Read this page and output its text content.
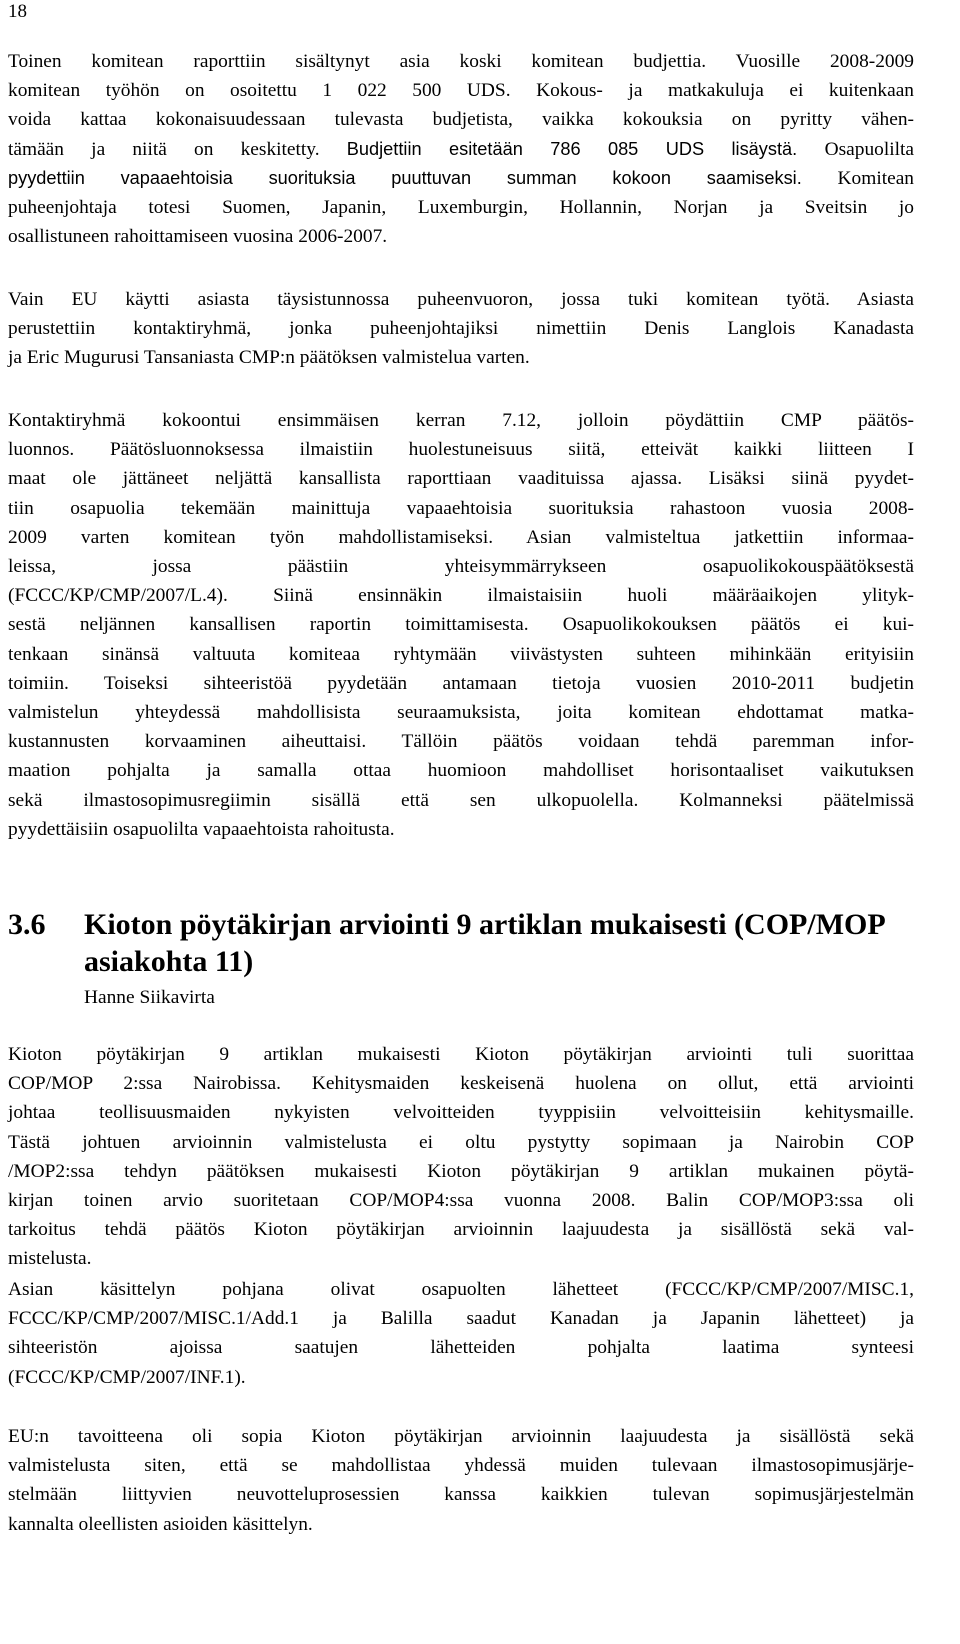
18
Toinen komitean raporttiin sisältynyt asia koski komitean budjettia. Vuosille 2008-2009
komitean työhön on osoitettu 1 022 500 UDS. Kokous- ja matkakuluja ei kuitenkaan
voida kattaa kokonaisuudessaan tulevasta budjetista, vaikka kokouksia on pyritty vähen-
tämään ja niitä on keskitetty. Budjettiin esitetään 786 085 UDS lisäystä. Osapuolilta
pyydettiin vapaaehtoisia suorituksia puuttuvan summan kokoon saamiseksi. Komitean
puheenjohtaja totesi Suomen, Japanin, Luxemburgin, Hollannin, Norjan ja Sveitsin jo
osallistuneen rahoittamiseen vuosina 2006-2007.
Vain EU käytti asiasta täysistunnossa puheenvuoron, jossa tuki komitean työtä. Asiasta
perustettiin kontaktiryhmä, jonka puheenjohtajiksi nimettiin Denis Langlois Kanadasta
ja Eric Mugurusi Tansaniasta CMP:n päätöksen valmistelua varten.
Kontaktiryhmä kokoontui ensimmäisen kerran 7.12, jolloin pöydättiin CMP päätös-
luonnos. Päätösluonnoksessa ilmaistiin huolestuneisuus siitä, etteivät kaikki liitteen I
maat ole jättäneet neljättä kansallista raporttiaan vaadituissa ajassa. Lisäksi siinä pyydet-
tiin osapuolia tekemään mainittuja vapaaehtoisia suorituksia rahastoon vuosia 2008-
2009 varten komitean työn mahdollistamiseksi. Asian valmisteltua jatkettiin informaa-
leissa, jossa päästiin yhteisymmärrykseen osapuolikokouspäätöksestä
(FCCC/KP/CMP/2007/L.4). Siinä ensinnäkin ilmaistaisiin huoli määräaikojen ylityk-
sestä neljännen kansallisen raportin toimittamisesta. Osapuolikokouksen päätös ei kui-
tenkaan sinänsä valtuuta komiteaa ryhtymään viivästysten suhteen mihinkään erityisiin
toimiin. Toiseksi sihteeristöä pyydetään antamaan tietoja vuosien 2010-2011 budjetin
valmistelun yhteydessä mahdollisista seuraamuksista, joita komitean ehdottamat matka-
kustannusten korvaaminen aiheuttaisi. Tällöin päätös voidaan tehdä paremman infor-
maation pohjalta ja samalla ottaa huomioon mahdolliset horisontaaliset vaikutuksen
sekä ilmastosopimusregiimin sisällä että sen ulkopuolella. Kolmanneksi päätelmissä
pyydettäisiin osapuolilta vapaaehtoista rahoitusta.
3.6 Kioton pöytäkirjan arviointi 9 artiklan mukaisesti (COP/MOP asiakohta 11)
Hanne Siikavirta
Kioton pöytäkirjan 9 artiklan mukaisesti Kioton pöytäkirjan arviointi tuli suorittaa
COP/MOP 2:ssa Nairobissa. Kehitysmaiden keskeisenä huolena on ollut, että arviointi
johtaa teollisuusmaiden nykyisten velvoitteiden tyyppisiin velvoitteisiin kehitysmaille.
Tästä johtuen arvioinnin valmistelusta ei oltu pystytty sopimaan ja Nairobin COP
/MOP2:ssa tehdyn päätöksen mukaisesti Kioton pöytäkirjan 9 artiklan mukainen pöytä-
kirjan toinen arvio suoritetaan COP/MOP4:ssa vuonna 2008. Balin COP/MOP3:ssa oli
tarkoitus tehdä päätös Kioton pöytäkirjan arvioinnin laajuudesta ja sisällöstä sekä val-
mistelusta.
Asian käsittelyn pohjana olivat osapuolten lähetteet (FCCC/KP/CMP/2007/MISC.1,
FCCC/KP/CMP/2007/MISC.1/Add.1 ja Balilla saadut Kanadan ja Japanin lähetteet) ja
sihteeristön ajoissa saatujen lähetteiden pohjalta laatima synteesi
(FCCC/KP/CMP/2007/INF.1).
EU:n tavoitteena oli sopia Kioton pöytäkirjan arvioinnin laajuudesta ja sisällöstä sekä
valmistelusta siten, että se mahdollistaa yhdessä muiden tulevaan ilmastosopimusjärje-
stelmään liittyvien neuvotteluprosessien kanssa kaikkien tulevan sopimusjärjestelmän
kannalta oleellisten asioiden käsittelyn.
